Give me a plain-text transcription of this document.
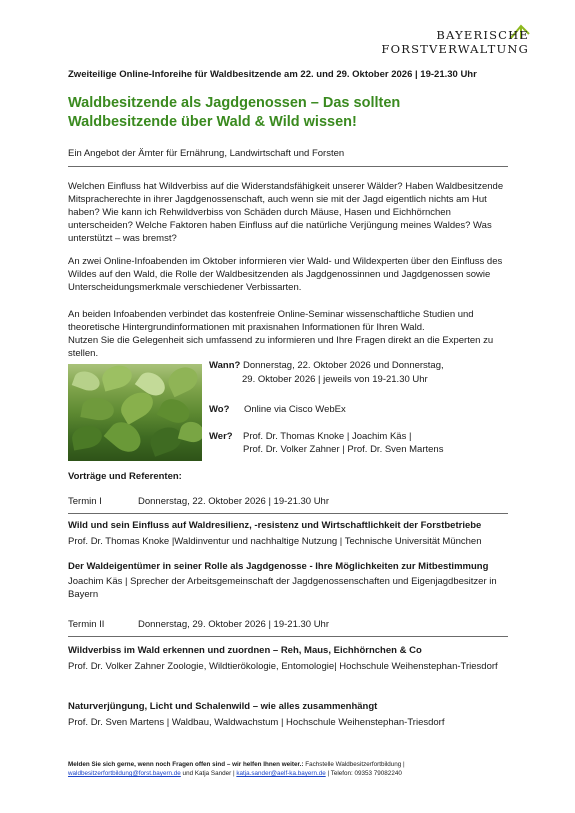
BAYERISCHE
FORSTVERWALTUNG
Zweiteilige Online-Inforeihe für Waldbesitzende am 22. und 29. Oktober 2026 | 19-21.30 Uhr
Waldbesitzende als Jagdgenossen – Das sollten Waldbesitzende über Wald & Wild wissen!
Ein Angebot der Ämter für Ernährung, Landwirtschaft und Forsten

Welchen Einfluss hat Wildverbiss auf die Widerstandsfähigkeit unserer Wälder? Haben Waldbesitzende Mitspracherechte in ihrer Jagdgenossenschaft, auch wenn sie mit der Jagd eigentlich nichts am Hut haben? Wie kann ich Rehwildverbiss von Schäden durch Mäuse, Hasen und Eichhörnchen unterscheiden? Welche Faktoren haben Einfluss auf die natürliche Verjüngung meines Waldes? Was unterstützt – was bremst?

An zwei Online-Infoabenden im Oktober informieren vier Wald- und Wildexperten über den Einfluss des Wildes auf den Wald, die Rolle der Waldbesitzenden als Jagdgenossinnen und Jagdgenossen sowie Unterscheidungsmerkmale verschiedener Verbissarten.

An beiden Infoabenden verbindet das kostenfreie Online-Seminar wissenschaftliche Studien und theoretische Hintergrundinformationen mit praxisnahen Informationen für Ihren Wald.

Nutzen Sie die Gelegenheit sich umfassend zu informieren und Ihre Fragen direkt an die Experten zu stellen.

Wann? Donnerstag, 22. Oktober 2026 und Donnerstag,
29. Oktober 2026 | jeweils von 19-21.30 Uhr
Wo? Online via Cisco WebEx
Wer? Prof. Dr. Thomas Knoke | Joachim Käs |
Prof. Dr. Volker Zahner | Prof. Dr. Sven Martens
Vorträge und Referenten:
Termin I	Donnerstag, 22. Oktober 2026 | 19-21.30 Uhr
Wild und sein Einfluss auf Waldresilienz, -resistenz und Wirtschaftlichkeit der Forstbetriebe
Prof. Dr. Thomas Knoke |Waldinventur und nachhaltige Nutzung | Technische Universität München
Der Waldeigentümer in seiner Rolle als Jagdgenosse - Ihre Möglichkeiten zur Mitbestimmung
Joachim Käs | Sprecher der Arbeitsgemeinschaft der Jagdgenossenschaften und Eigenjagdbesitzer in Bayern
Termin II	Donnerstag, 29. Oktober 2026 | 19-21.30 Uhr
Wildverbiss im Wald erkennen und zuordnen – Reh, Maus, Eichhörnchen & Co
Prof. Dr. Volker Zahner Zoologie, Wildtierökologie, Entomologie| Hochschule Weihenstephan-Triesdorf
Naturverjüngung, Licht und Schalenwild – wie alles zusammenhängt
Prof. Dr. Sven Martens | Waldbau, Waldwachstum | Hochschule Weihenstephan-Triesdorf
Melden Sie sich gerne, wenn noch Fragen offen sind – wir helfen Ihnen weiter.: Fachstelle Waldbesitzerfortbildung |
waldbesitzerfortbildung@forst.bayern.de und Katja Sander | katja.sander@aelf-ka.bayern.de | Telefon: 09353 79082240
